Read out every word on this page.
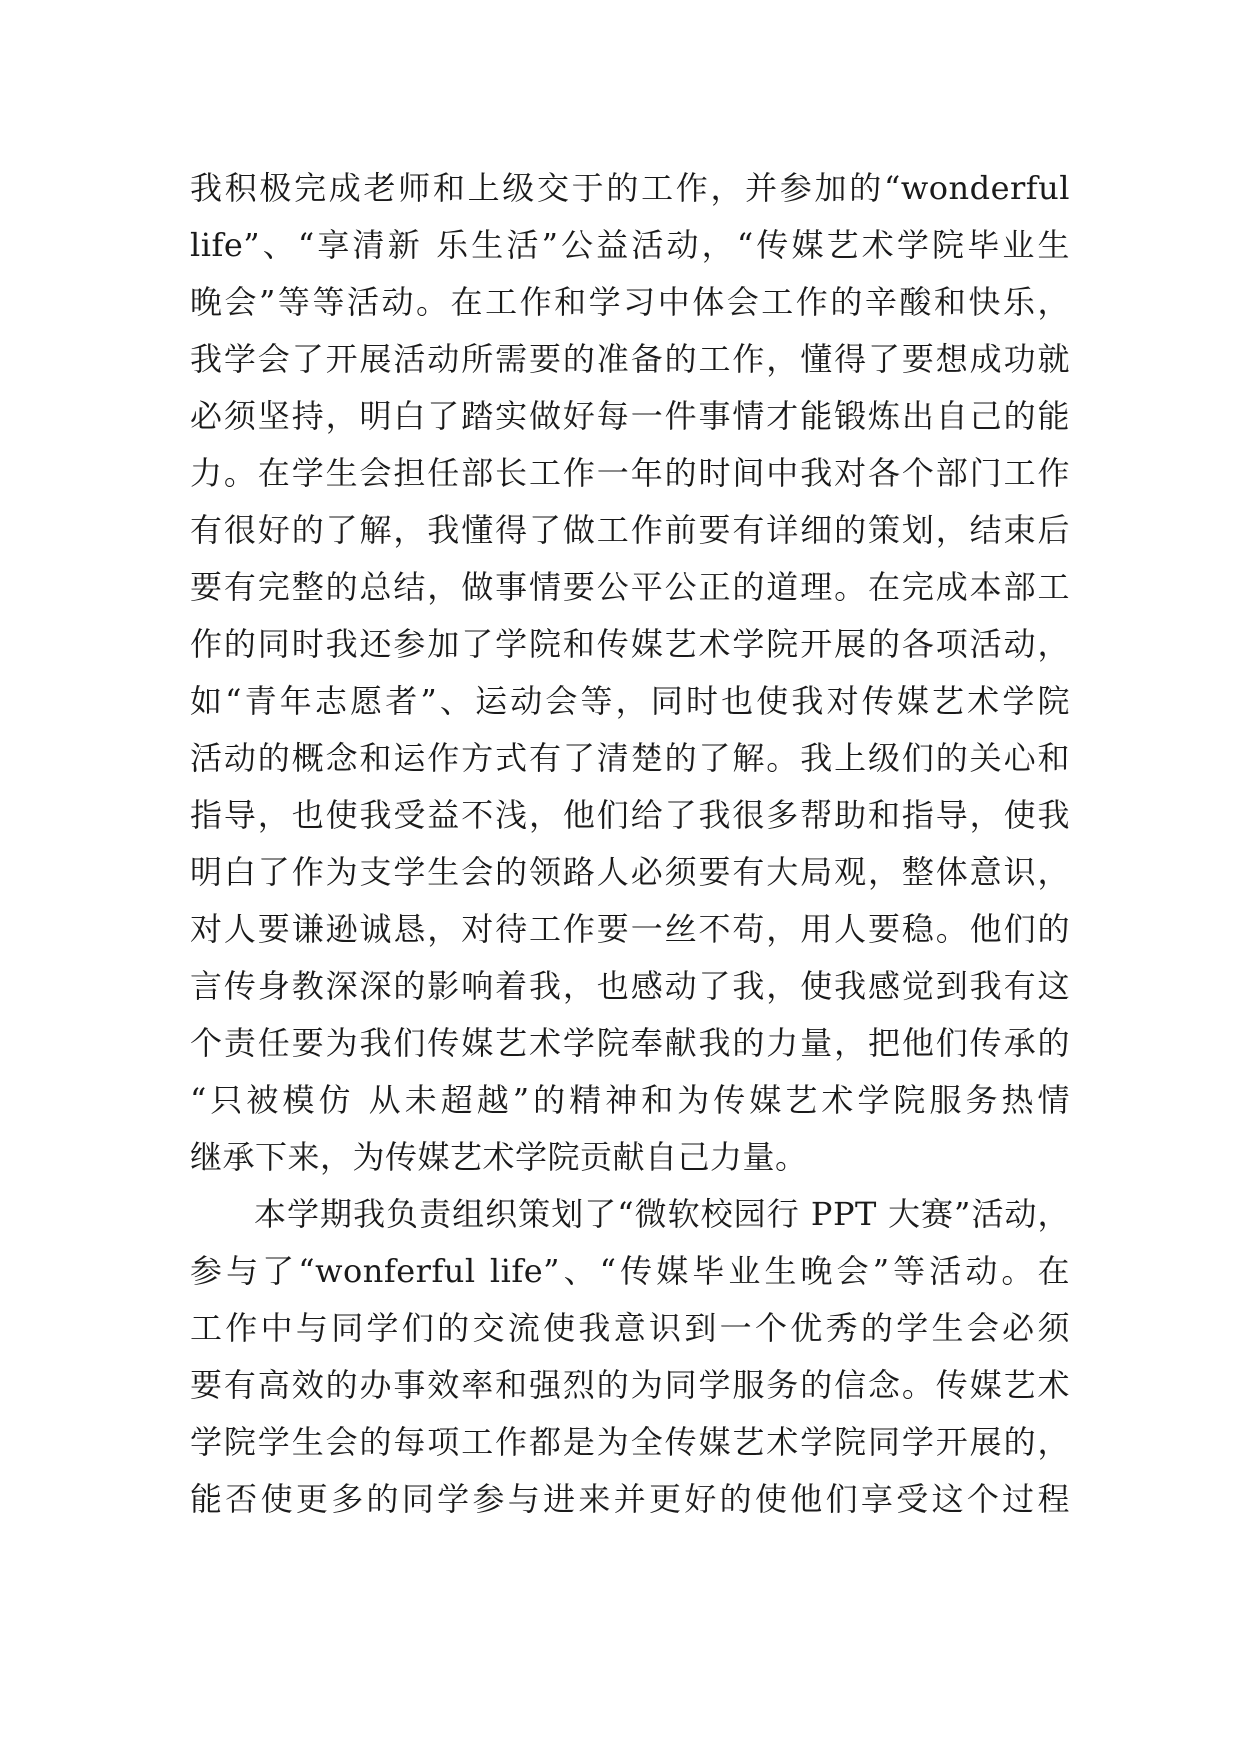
我积极完成老师和上级交于的工作，并参加的“wonderful
life”、“享清新 乐生活”公益活动，“传媒艺术学院毕业生
晚会”等等活动。在工作和学习中体会工作的辛酸和快乐，
我学会了开展活动所需要的准备的工作，懂得了要想成功就
必须坚持，明白了踏实做好每一件事情才能锻炼出自己的能
力。在学生会担任部长工作一年的时间中我对各个部门工作
有很好的了解，我懂得了做工作前要有详细的策划，结束后
要有完整的总结，做事情要公平公正的道理。在完成本部工
作的同时我还参加了学院和传媒艺术学院开展的各项活动，
如“青年志愿者”、运动会等，同时也使我对传媒艺术学院
活动的概念和运作方式有了清楚的了解。我上级们的关心和
指导，也使我受益不浅，他们给了我很多帮助和指导，使我
明白了作为支学生会的领路人必须要有大局观，整体意识，
对人要谦逊诚恳，对待工作要一丝不苟，用人要稳。他们的
言传身教深深的影响着我，也感动了我，使我感觉到我有这
个责任要为我们传媒艺术学院奉献我的力量，把他们传承的
“只被模仿 从未超越”的精神和为传媒艺术学院服务热情
继承下来，为传媒艺术学院贡献自己力量。
本学期我负责组织策划了“微软校园行 PPT 大赛”活动，
参与了“wonferful life”、“传媒毕业生晚会”等活动。在
工作中与同学们的交流使我意识到一个优秀的学生会必须
要有高效的办事效率和强烈的为同学服务的信念。传媒艺术
学院学生会的每项工作都是为全传媒艺术学院同学开展的，
能否使更多的同学参与进来并更好的使他们享受这个过程
